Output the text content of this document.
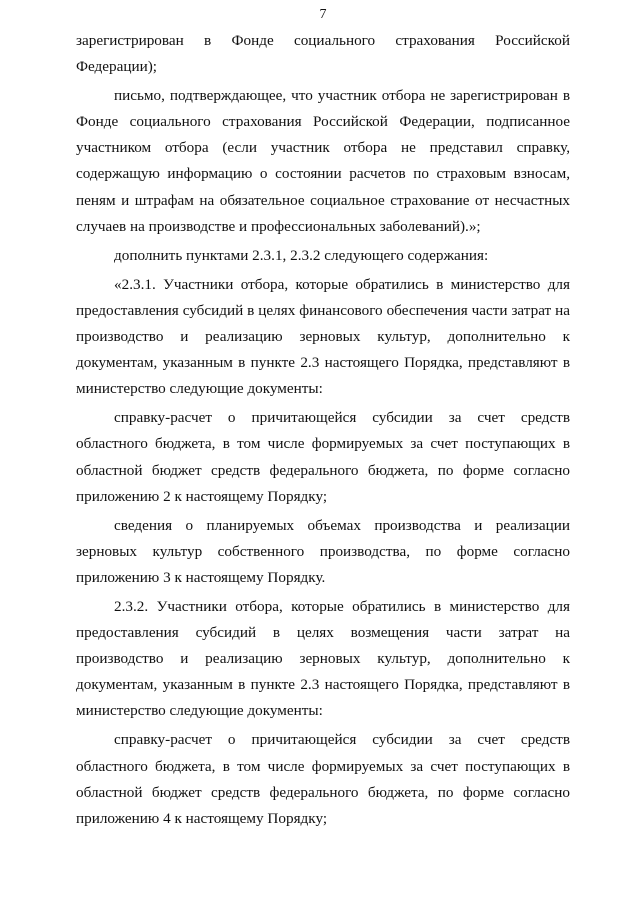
7

зарегистрирован в Фонде социального страхования Российской Федерации);

письмо, подтверждающее, что участник отбора не зарегистрирован в Фонде социального страхования Российской Федерации, подписанное участником отбора (если участник отбора не представил справку, содержащую информацию о состоянии расчетов по страховым взносам, пеням и штрафам на обязательное социальное страхование от несчастных случаев на производстве и профессиональных заболеваний).»;

дополнить пунктами 2.3.1, 2.3.2 следующего содержания:

«2.3.1. Участники отбора, которые обратились в министерство для предоставления субсидий в целях финансового обеспечения части затрат на производство и реализацию зерновых культур, дополнительно к документам, указанным в пункте 2.3 настоящего Порядка, представляют в министерство следующие документы:

справку-расчет о причитающейся субсидии за счет средств областного бюджета, в том числе формируемых за счет поступающих в областной бюджет средств федерального бюджета, по форме согласно приложению 2 к настоящему Порядку;

сведения о планируемых объемах производства и реализации зерновых культур собственного производства, по форме согласно приложению 3 к настоящему Порядку.

2.3.2. Участники отбора, которые обратились в министерство для предоставления субсидий в целях возмещения части затрат на производство и реализацию зерновых культур, дополнительно к документам, указанным в пункте 2.3 настоящего Порядка, представляют в министерство следующие документы:

справку-расчет о причитающейся субсидии за счет средств областного бюджета, в том числе формируемых за счет поступающих в областной бюджет средств федерального бюджета, по форме согласно приложению 4 к настоящему Порядку;
